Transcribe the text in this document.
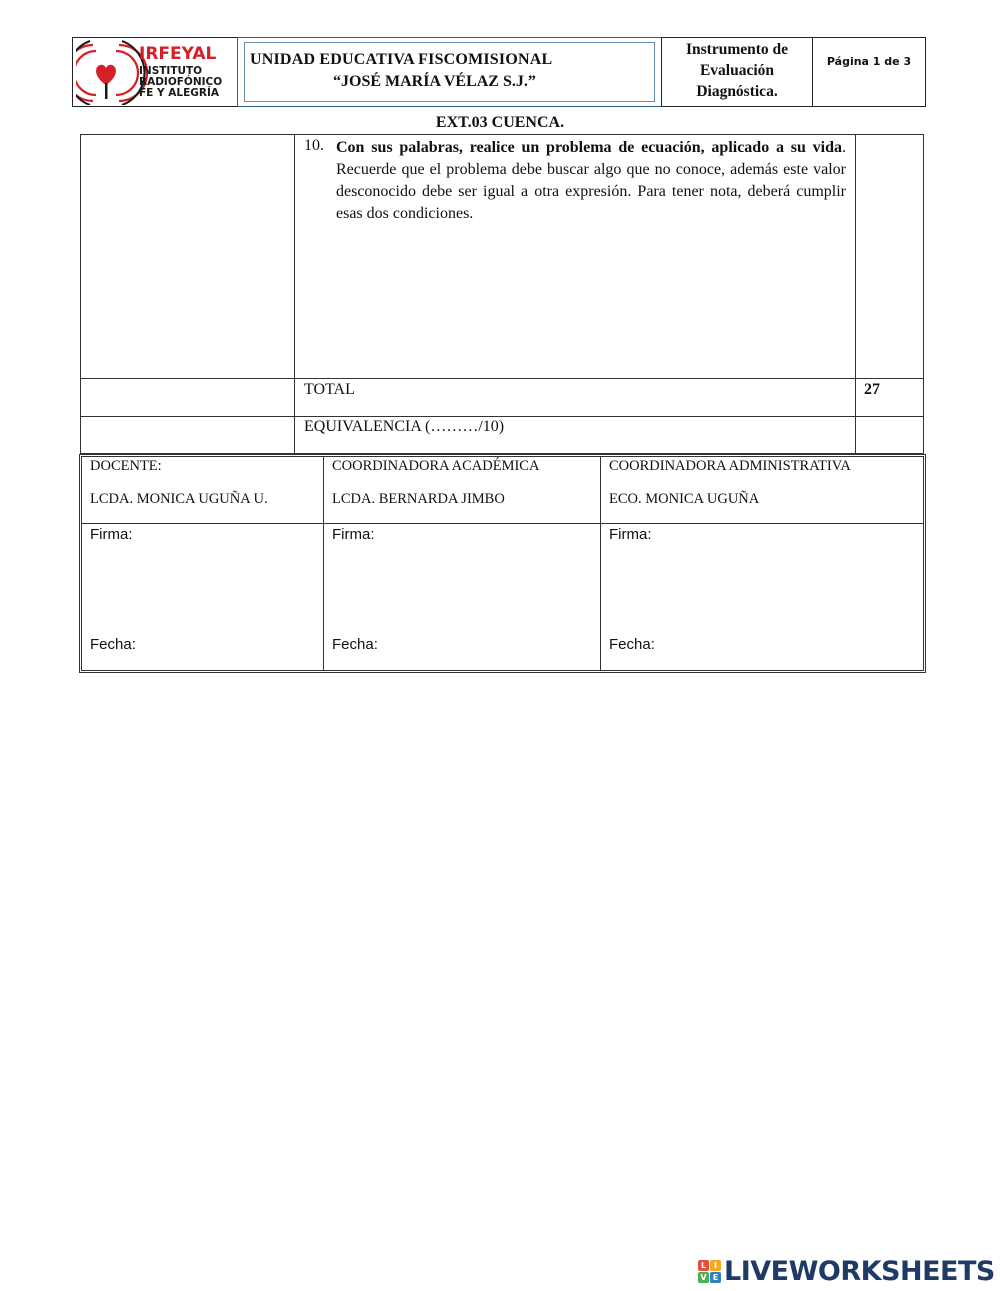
IRFEYAL
INSTITUTO
RADIOFÓNICO
FE Y ALEGRÍA
UNIDAD EDUCATIVA FISCOMISIONAL
“JOSÉ MARÍA VÉLAZ S.J.”
Instrumento de
Evaluación
Diagnóstica.
Página 1 de 3
EXT.03 CUENCA.
10. Con sus palabras, realice un problema de ecuación, aplicado a su vida. Recuerde que el problema debe buscar algo que no conoce, además este valor desconocido debe ser igual a otra expresión. Para tener nota, deberá cumplir esas dos condiciones.
TOTAL	27
EQUIVALENCIA (………/10)
DOCENTE:
LCDA. MONICA UGUÑA U.
Firma:
Fecha:
COORDINADORA ACADÉMICA
LCDA. BERNARDA JIMBO
Firma:
Fecha:
COORDINADORA ADMINISTRATIVA
ECO. MONICA UGUÑA
Firma:
Fecha:
L I
V E LIVEWORKSHEETS
